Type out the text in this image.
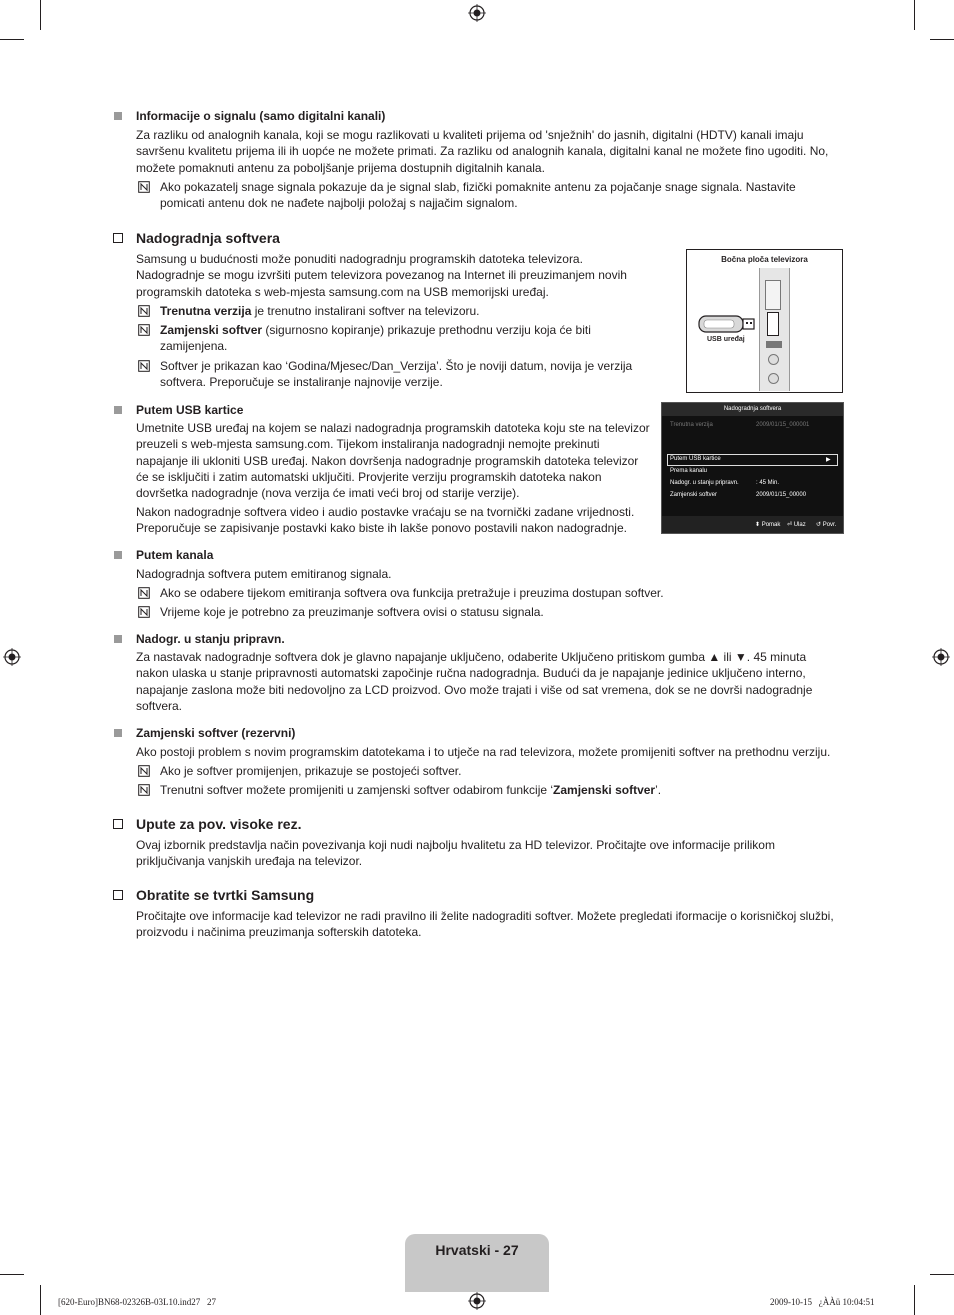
Informacije o signalu (samo digitalni kanali)
Za razliku od analognih kanala, koji se mogu razlikovati u kvaliteti prijema od 'snježnih' do jasnih, digitalni (HDTV) kanali imaju savršenu kvalitetu prijema ili ih uopće ne možete primati. Za razliku od analognih kanala, digitalni kanal ne možete fino ugoditi. No, možete pomaknuti antenu za poboljšanje prijema dostupnih digitalnih kanala.
Ako pokazatelj snage signala pokazuje da je signal slab, fizički pomaknite antenu za pojačanje snage signala. Nastavite pomicati antenu dok ne nađete najbolji položaj s najjačim signalom.
Nadogradnja softvera
Samsung u budućnosti može ponuditi nadogradnju programskih datoteka televizora. Nadogradnje se mogu izvršiti putem televizora povezanog na Internet ili preuzimanjem novih programskih datoteka s web-mjesta samsung.com na USB memorijski uređaj.
Trenutna verzija je trenutno instalirani softver na televizoru.
Zamjenski softver (sigurnosno kopiranje) prikazuje prethodnu verziju koja će biti zamijenjena.
Softver je prikazan kao ‘Godina/Mjesec/Dan_Verzija’. Što je noviji datum, novija je verzija softvera. Preporučuje se instaliranje najnovije verzije.
Bočna ploča televizora
USB uređaj
Nadogradnja softvera
Trenutna verzija	2009/01/15_000001
Putem USB kartice	▶
Prema kanalu
Nadogr. u stanju pripravn.	: 45 Min.
Zamjenski softver	2009/01/15_00000
⬍ Pomak ⏎ Ulaz ↺ Povr.
Putem USB kartice
Umetnite USB uređaj na kojem se nalazi nadogradnja programskih datoteka koju ste na televizor preuzeli s web-mjesta samsung.com. Tijekom instaliranja nadogradnji nemojte prekinuti napajanje ili ukloniti USB uređaj. Nakon dovršenja nadogradnje programskih datoteka televizor će se isključiti i zatim automatski uključiti. Provjerite verziju programskih datoteka nakon dovršetka nadogradnje (nova verzija će imati veći broj od starije verzije).
Nakon nadogradnje softvera video i audio postavke vraćaju se na tvornički zadane vrijednosti. Preporučuje se zapisivanje postavki kako biste ih lakše ponovo postavili nakon nadogradnje.
Putem kanala
Nadogradnja softvera putem emitiranog signala.
Ako se odabere tijekom emitiranja softvera ova funkcija pretražuje i preuzima dostupan softver.
Vrijeme koje je potrebno za preuzimanje softvera ovisi o statusu signala.
Nadogr. u stanju pripravn.
Za nastavak nadogradnje softvera dok je glavno napajanje uključeno, odaberite Uključeno pritiskom gumba ▲ ili ▼. 45 minuta nakon ulaska u stanje pripravnosti automatski započinje ručna nadogradnja. Budući da je napajanje jedinice uključeno interno, napajanje zaslona može biti nedovoljno za LCD proizvod. Ovo može trajati i više od sat vremena, dok se ne dovrši nadogradnje softvera.
Zamjenski softver (rezervni)
Ako postoji problem s novim programskim datotekama i to utječe na rad televizora, možete promijeniti softver na prethodnu verziju.
Ako je softver promijenjen, prikazuje se postojeći softver.
Trenutni softver možete promijeniti u zamjenski softver odabirom funkcije ‘Zamjenski softver’.
Upute za pov. visoke rez.
Ovaj izbornik predstavlja način povezivanja koji nudi najbolju hvalitetu za HD televizor. Pročitajte ove informacije prilikom priključivanja vanjskih uređaja na televizor.
Obratite se tvrtki Samsung
Pročitajte ove informacije kad televizor ne radi pravilno ili želite nadograditi softver. Možete pregledati iformacije o korisničkoj službi, proizvodu i načinima preuzimanja softerskih datoteka.
Hrvatski - 27
[620-Euro]BN68-02326B-03L10.ind27   27	2009-10-15   ¿ÀÀü 10:04:51
